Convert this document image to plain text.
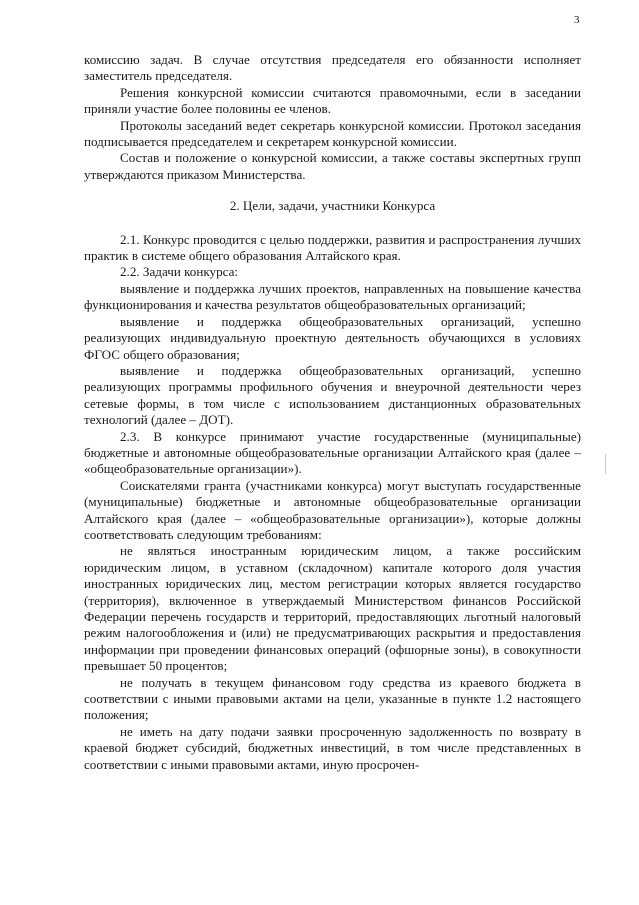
3

комиссию задач. В случае отсутствия председателя его обязанности исполняет заместитель председателя.

Решения конкурсной комиссии считаются правомочными, если в заседании приняли участие более половины ее членов.

Протоколы заседаний ведет секретарь конкурсной комиссии. Протокол заседания подписывается председателем и секретарем конкурсной комиссии.

Состав и положение о конкурсной комиссии, а также составы экспертных групп утверждаются приказом Министерства.

2. Цели, задачи, участники Конкурса

2.1. Конкурс проводится с целью поддержки, развития и распространения лучших практик в системе общего образования Алтайского края.

2.2. Задачи конкурса:

выявление и поддержка лучших проектов, направленных на повышение качества функционирования и качества результатов общеобразовательных организаций;

выявление и поддержка общеобразовательных организаций, успешно реализующих индивидуальную проектную деятельность обучающихся в условиях ФГОС общего образования;

выявление и поддержка общеобразовательных организаций, успешно реализующих программы профильного обучения и внеурочной деятельности через сетевые формы, в том числе с использованием дистанционных образовательных технологий (далее – ДОТ).

2.3. В конкурсе принимают участие государственные (муниципальные) бюджетные и автономные общеобразовательные организации Алтайского края (далее – «общеобразовательные организации»).

Соискателями гранта (участниками конкурса) могут выступать государственные (муниципальные) бюджетные и автономные общеобразовательные организации Алтайского края (далее – «общеобразовательные организации»), которые должны соответствовать следующим требованиям:

не являться иностранным юридическим лицом, а также российским юридическим лицом, в уставном (складочном) капитале которого доля участия иностранных юридических лиц, местом регистрации которых является государство (территория), включенное в утверждаемый Министерством финансов Российской Федерации перечень государств и территорий, предоставляющих льготный налоговый режим налогообложения и (или) не предусматривающих раскрытия и предоставления информации при проведении финансовых операций (офшорные зоны), в совокупности превышает 50 процентов;

не получать в текущем финансовом году средства из краевого бюджета в соответствии с иными правовыми актами на цели, указанные в пункте 1.2 настоящего положения;

не иметь на дату подачи заявки просроченную задолженность по возврату в краевой бюджет субсидий, бюджетных инвестиций, в том числе представленных в соответствии с иными правовыми актами, иную просрочен-
